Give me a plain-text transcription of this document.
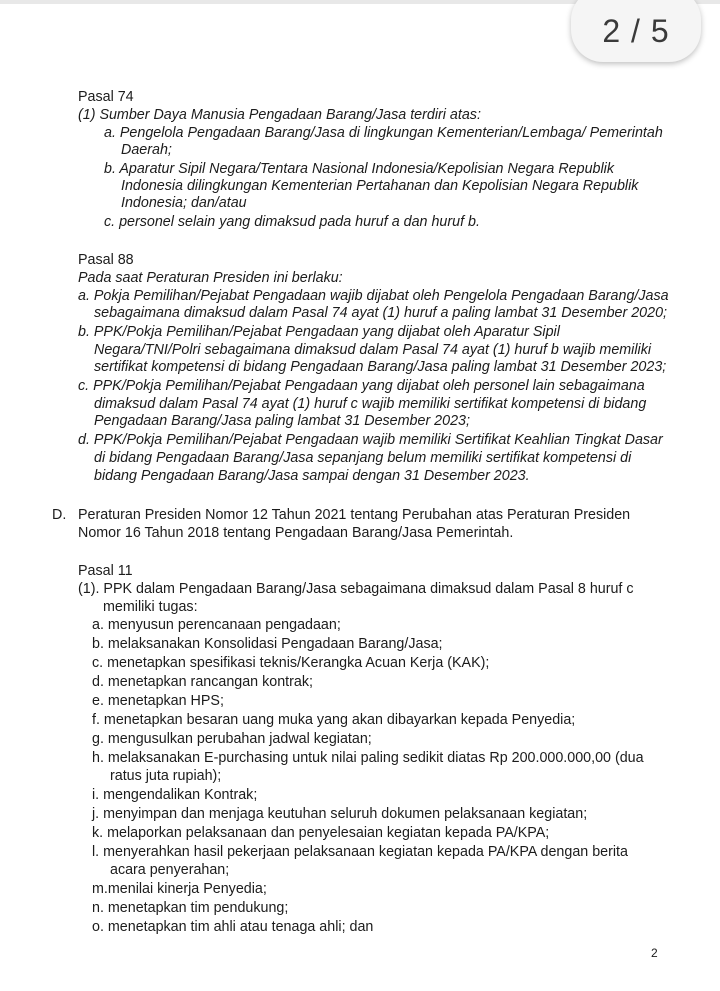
Pasal 74
(1) Sumber Daya Manusia Pengadaan Barang/Jasa terdiri atas:
a. Pengelola Pengadaan Barang/Jasa di lingkungan Kementerian/Lembaga/ Pemerintah
Daerah;
b. Aparatur Sipil Negara/Tentara Nasional Indonesia/Kepolisian Negara Republik
Indonesia dilingkungan Kementerian Pertahanan dan Kepolisian Negara Republik
Indonesia; dan/atau
c. personel selain yang dimaksud pada huruf a dan huruf b.
Pasal 88
Pada saat Peraturan Presiden ini berlaku:
a. Pokja Pemilihan/Pejabat Pengadaan wajib dijabat oleh Pengelola Pengadaan Barang/Jasa
sebagaimana dimaksud dalam Pasal 74 ayat (1) huruf a paling lambat 31 Desember 2020;
b. PPK/Pokja Pemilihan/Pejabat Pengadaan yang dijabat oleh Aparatur Sipil
Negara/TNI/Polri sebagaimana dimaksud dalam Pasal 74 ayat (1) huruf b wajib memiliki
sertifikat kompetensi di bidang Pengadaan Barang/Jasa paling lambat 31 Desember 2023;
c. PPK/Pokja Pemilihan/Pejabat Pengadaan yang dijabat oleh personel lain sebagaimana
dimaksud dalam Pasal 74 ayat (1) huruf c wajib memiliki sertifikat kompetensi di bidang
Pengadaan Barang/Jasa paling lambat 31 Desember 2023;
d. PPK/Pokja Pemilihan/Pejabat Pengadaan wajib memiliki Sertifikat Keahlian Tingkat Dasar
di bidang Pengadaan Barang/Jasa sepanjang belum memiliki sertifikat kompetensi di
bidang Pengadaan Barang/Jasa sampai dengan 31 Desember 2023.
D. Peraturan Presiden Nomor 12 Tahun 2021 tentang Perubahan atas Peraturan Presiden
Nomor 16 Tahun 2018 tentang Pengadaan Barang/Jasa Pemerintah.
Pasal 11
(1). PPK dalam Pengadaan Barang/Jasa sebagaimana dimaksud dalam Pasal 8 huruf c
memiliki tugas:
a. menyusun perencanaan pengadaan;
b. melaksanakan Konsolidasi Pengadaan Barang/Jasa;
c. menetapkan spesifikasi teknis/Kerangka Acuan Kerja (KAK);
d. menetapkan rancangan kontrak;
e. menetapkan HPS;
f. menetapkan besaran uang muka yang akan dibayarkan kepada Penyedia;
g. mengusulkan perubahan jadwal kegiatan;
h. melaksanakan E-purchasing untuk nilai paling sedikit diatas Rp 200.000.000,00 (dua
ratus juta rupiah);
i. mengendalikan Kontrak;
j. menyimpan dan menjaga keutuhan seluruh dokumen pelaksanaan kegiatan;
k. melaporkan pelaksanaan dan penyelesaian kegiatan kepada PA/KPA;
l. menyerahkan hasil pekerjaan pelaksanaan kegiatan kepada PA/KPA dengan berita
acara penyerahan;
m.menilai kinerja Penyedia;
n. menetapkan tim pendukung;
o. menetapkan tim ahli atau tenaga ahli; dan
2
2 / 5
